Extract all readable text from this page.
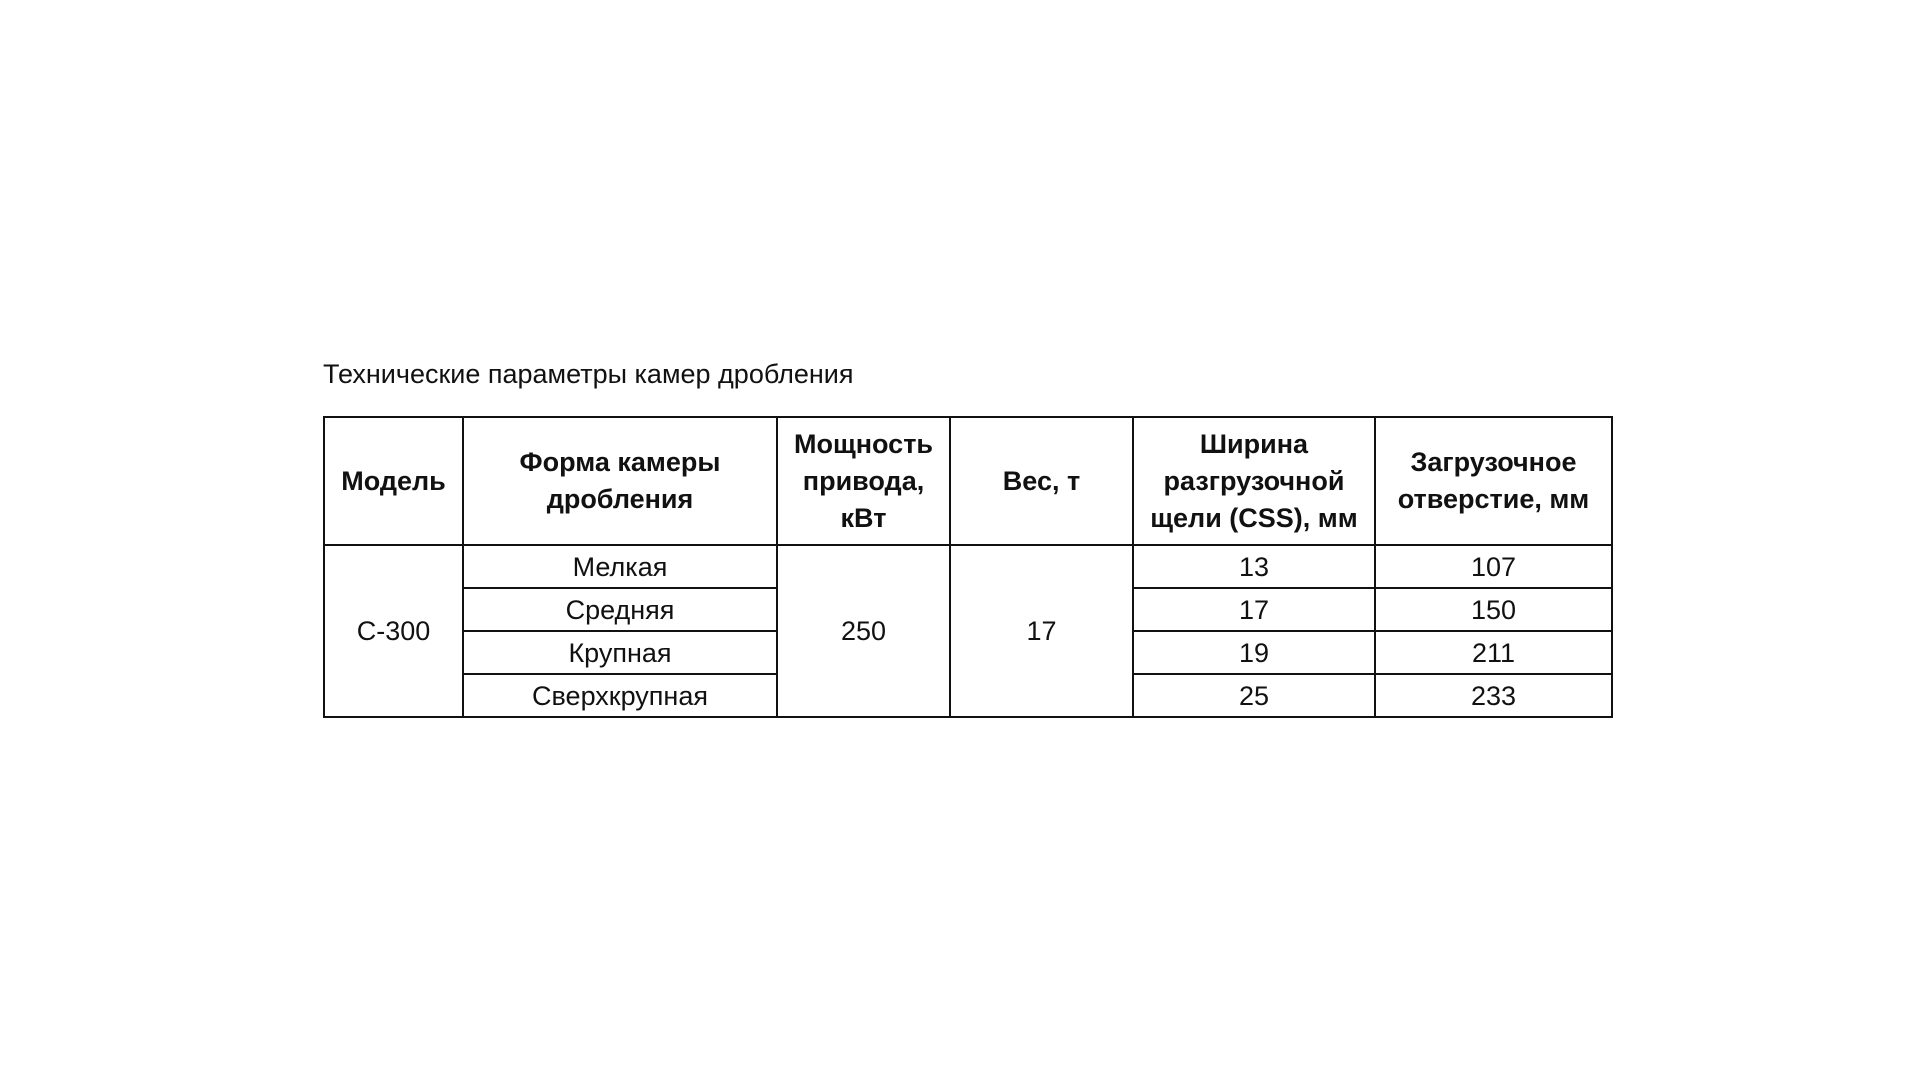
Технические параметры камер дробления
Модель	Форма камеры дробления	Мощность привода, кВт	Вес, т	Ширина разгрузочной щели (CSS), мм	Загрузочное отверстие, мм
С-300	Мелкая	250	17	13	107
	Средняя			17	150
	Крупная			19	211
	Сверхкрупная			25	233
